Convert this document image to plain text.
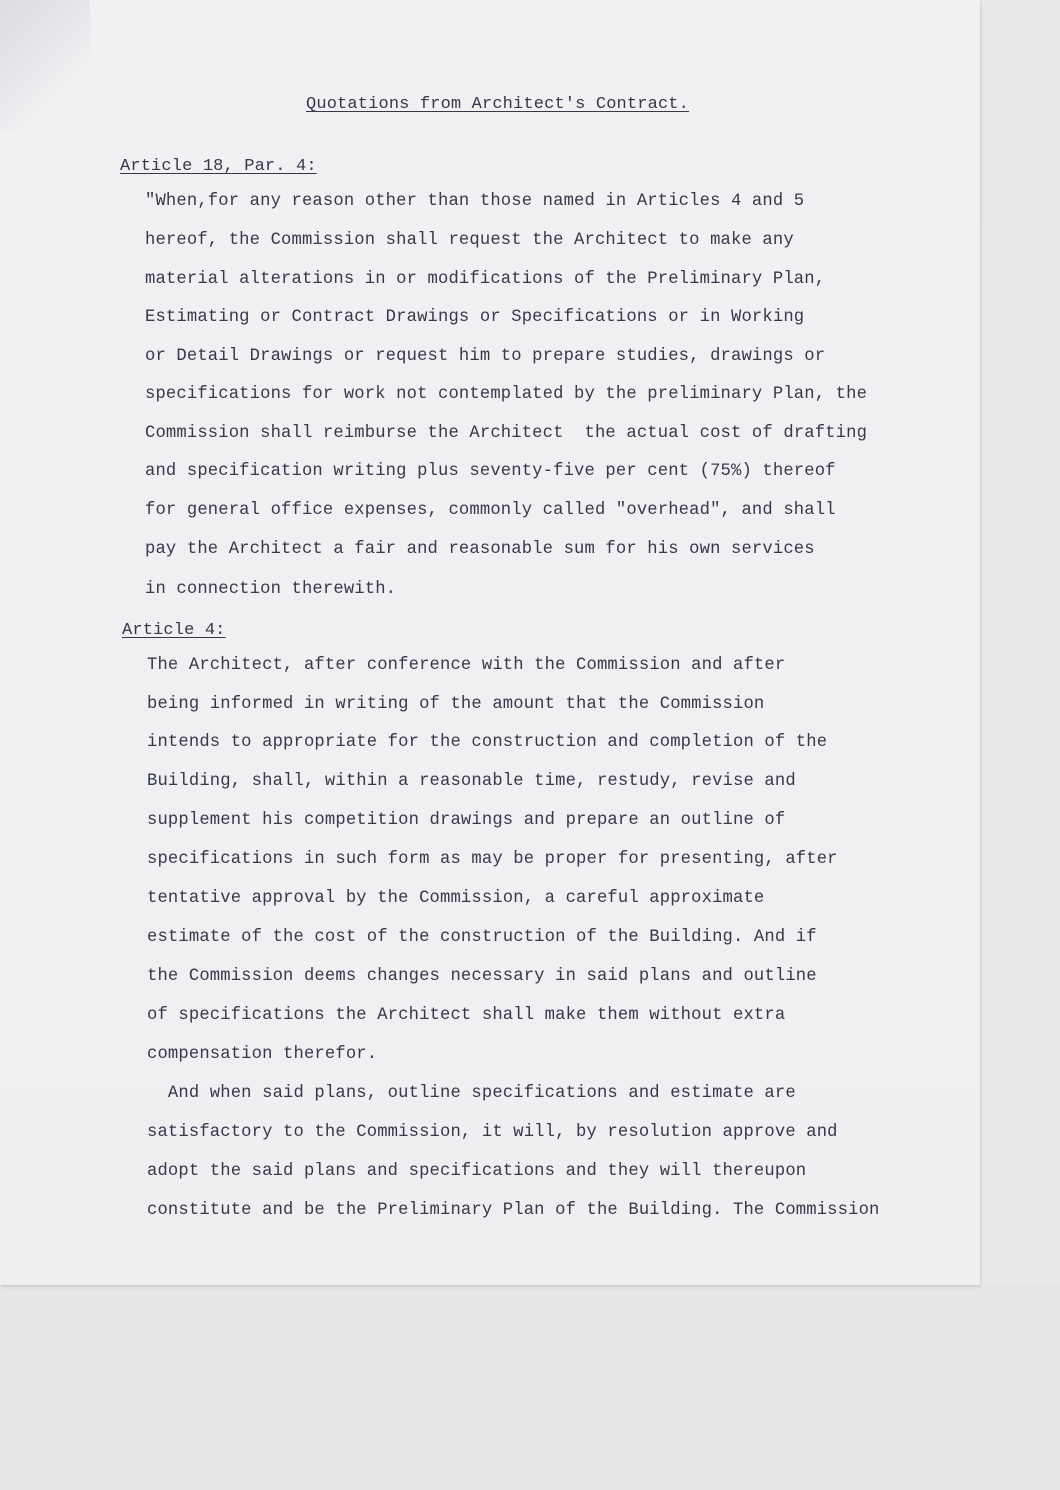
Quotations from Architect's Contract.
Article 18, Par. 4:
"When,for any reason other than those named in Articles 4 and 5
hereof, the Commission shall request the Architect to make any
material alterations in or modifications of the Preliminary Plan,
Estimating or Contract Drawings or Specifications or in Working
or Detail Drawings or request him to prepare studies, drawings or
specifications for work not contemplated by the preliminary Plan, the
Commission shall reimburse the Architect  the actual cost of drafting
and specification writing plus seventy-five per cent (75%) thereof
for general office expenses, commonly called "overhead", and shall
pay the Architect a fair and reasonable sum for his own services
in connection therewith.
Article 4:
The Architect, after conference with the Commission and after
being informed in writing of the amount that the Commission
intends to appropriate for the construction and completion of the
Building, shall, within a reasonable time, restudy, revise and
supplement his competition drawings and prepare an outline of
specifications in such form as may be proper for presenting, after
tentative approval by the Commission, a careful approximate
estimate of the cost of the construction of the Building. And if
the Commission deems changes necessary in said plans and outline
of specifications the Architect shall make them without extra
compensation therefor.
And when said plans, outline specifications and estimate are
satisfactory to the Commission, it will, by resolution approve and
adopt the said plans and specifications and they will thereupon
constitute and be the Preliminary Plan of the Building. The Commission
